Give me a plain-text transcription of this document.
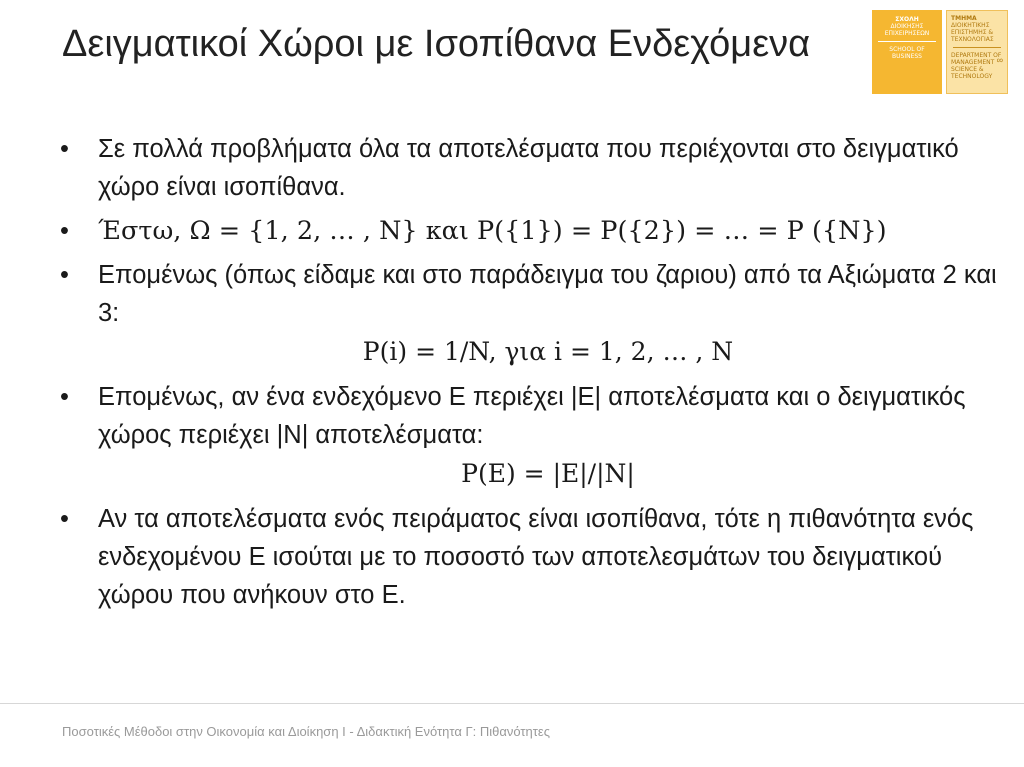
Δειγματικοί Χώροι με Ισοπίθανα Ενδεχόμενα
ΣΧΟΛΗ
ΔΙΟΙΚΗΣΗΣ
ΕΠΙΧΕΙΡΗΣΕΩΝ
SCHOOL OF
BUSINESS
ΤΜΗΜΑ
ΔΙΟΙΚΗΤΙΚΗΣ
ΕΠΙΣΤΗΜΗΣ &
ΤΕΧΝΟΛΟΓΙΑΣ
DEPARTMENT OF
MANAGEMENT
SCIENCE &
TECHNOLOGY
∞
• Σε πολλά προβλήματα όλα τα αποτελέσματα που περιέχονται στο δειγματικό χώρο είναι ισοπίθανα.
• Έστω, Ω = {1, 2, … , N} και P({1}) = P({2}) = … = P ({N})
• Επομένως (όπως είδαμε και στο παράδειγμα του ζαριου) από τα Αξιώματα 2 και 3:
P(i) = 1/N, για i = 1, 2, … , N
• Επομένως, αν ένα ενδεχόμενο E περιέχει |E| αποτελέσματα και ο δειγματικός χώρος περιέχει |N| αποτελέσματα:
P(E) = |E|/|N|
• Αν τα αποτελέσματα ενός πειράματος είναι ισοπίθανα, τότε η πιθανότητα ενός ενδεχομένου E ισούται με το ποσοστό των αποτελεσμάτων του δειγματικού χώρου που ανήκουν στο E.
Ποσοτικές Μέθοδοι στην Οικονομία και Διοίκηση Ι - Διδακτική Ενότητα Γ: Πιθανότητες
